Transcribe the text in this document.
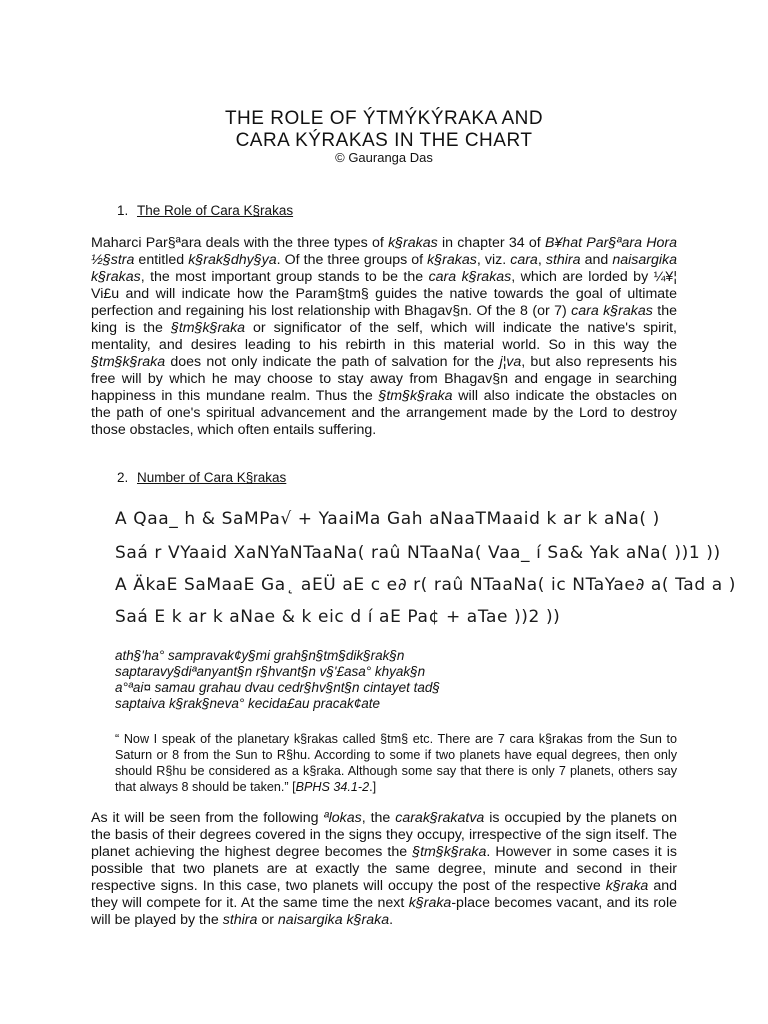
THE ROLE OF ÝTMÝKÝRAKA AND
CARA KÝRAKAS IN THE CHART
© Gauranga Das
1. The Role of Cara K§rakas

Maharci Par§ªara deals with the three types of k§rakas in chapter 34 of B¥hat Par§ªara Hora ½§stra entitled k§rak§dhy§ya. Of the three groups of k§rakas, viz. cara, sthira and naisargika k§rakas, the most important group stands to be the cara k§rakas, which are lorded by ¼¥¦ Vi£u and will indicate how the Param§tm§ guides the native towards the goal of ultimate perfection and regaining his lost relationship with Bhagav§n. Of the 8 (or 7) cara k§rakas the king is the §tm§k§raka or significator of the self, which will indicate the native's spirit, mentality, and desires leading to his rebirth in this material world. So in this way the §tm§k§raka does not only indicate the path of salvation for the j¦va, but also represents his free will by which he may choose to stay away from Bhagav§n and engage in searching happiness in this mundane realm. Thus the §tm§k§raka will also indicate the obstacles on the path of one's spiritual advancement and the arrangement made by the Lord to destroy those obstacles, which often entails suffering.

2. Number of Cara K§rakas
A Qaa_ h & SaMPa√ + YaaiMa Gah aNaaTMaaid k ar k aNa( )
Saá r VYaaid XaNYaNTaaNa( raû NTaaNa( Vaa_ í Sa& Yak aNa( ))1 ))
A ÄkaE SaMaaE Ga˛ aEÜ aE c e∂ r( raû NTaaNa( ic NTaYae∂ a( Tad a )
Saá E k ar k aNae & k eic d í aE Pa¢ + aTae ))2 ))
ath§'ha° sampravak¢y§mi grah§n§tm§dik§rak§n
saptaravy§diªanyant§n r§hvant§n v§'£asa° khyak§n
a°ªai¤ samau grahau dvau cedr§hv§nt§n cintayet tad§
saptaiva k§rak§neva° kecida£au pracak¢ate

“ Now I speak of the planetary k§rakas called §tm§ etc. There are 7 cara k§rakas from the Sun to Saturn or 8 from the Sun to R§hu. According to some if two planets have equal degrees, then only should R§hu be considered as a k§raka. Although some say that there is only 7 planets, others say that always 8 should be taken.” [BPHS 34.1-2.]

As it will be seen from the following ªlokas, the carak§rakatva is occupied by the planets on the basis of their degrees covered in the signs they occupy, irrespective of the sign itself. The planet achieving the highest degree becomes the §tm§k§raka. However in some cases it is possible that two planets are at exactly the same degree, minute and second in their respective signs. In this case, two planets will occupy the post of the respective k§raka and they will compete for it. At the same time the next k§raka-place becomes vacant, and its role will be played by the sthira or naisargika k§raka.
